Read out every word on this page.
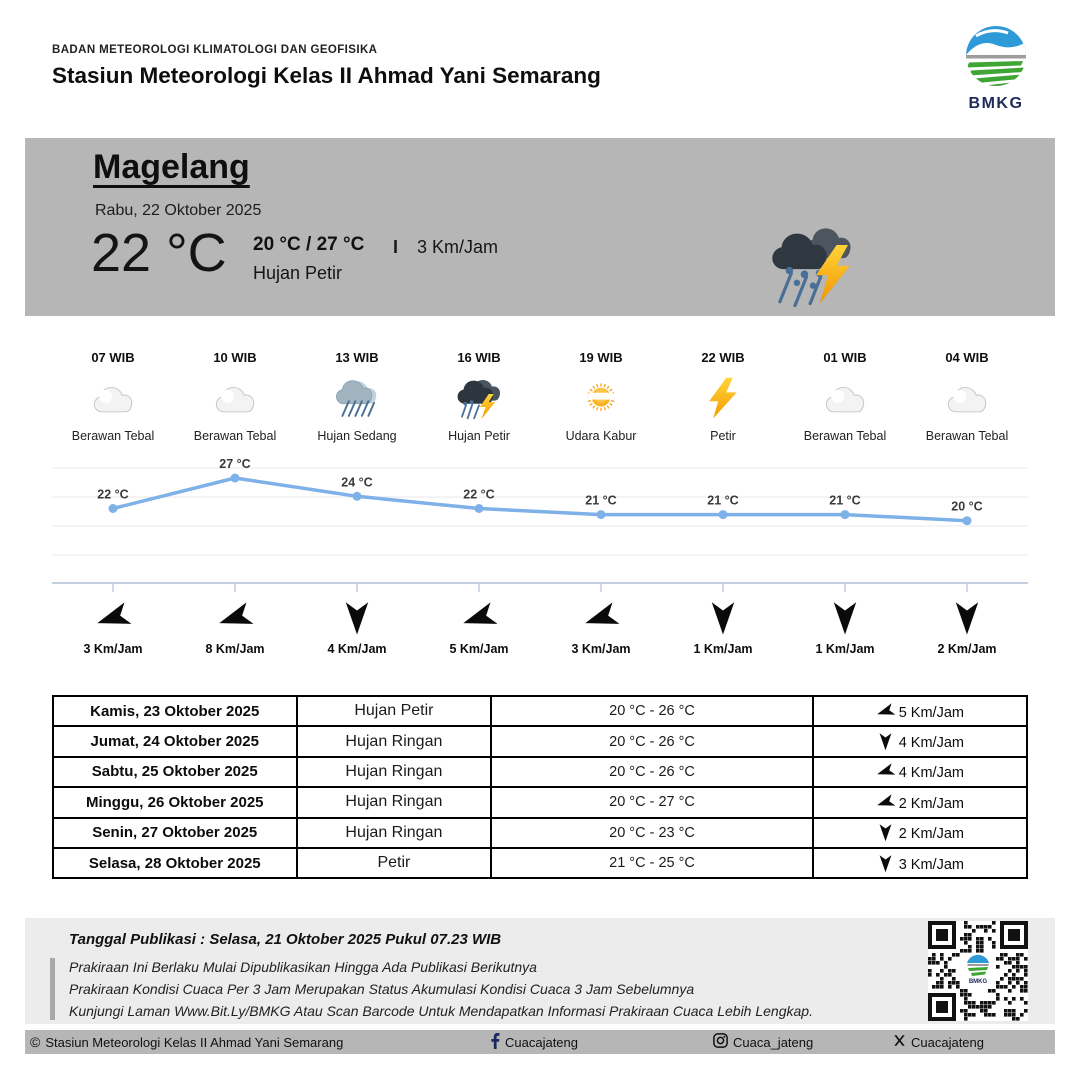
BADAN METEOROLOGI KLIMATOLOGI DAN GEOFISIKA
Stasiun Meteorologi Kelas II Ahmad Yani Semarang
BMKG
Magelang
Rabu, 22 Oktober 2025
22 °C 20 °C / 27 °C
Hujan Petir
I 3 Km/Jam
07 WIB
Berawan Tebal
10 WIB
Berawan Tebal
13 WIB
Hujan Sedang
16 WIB
Hujan Petir
19 WIB
Udara Kabur
22 WIB
Petir
01 WIB
Berawan Tebal
04 WIB
Berawan Tebal
22 °C
27 °C
24 °C
22 °C	21 °C	21 °C	21 °C	20 °C
3 Km/Jam	8 Km/Jam	4 Km/Jam	5 Km/Jam	3 Km/Jam	1 Km/Jam	1 Km/Jam	2 Km/Jam
Kamis, 23 Oktober 2025	Hujan Petir	20 °C - 26 °C	5 Km/Jam
Jumat, 24 Oktober 2025	Hujan Ringan	20 °C - 26 °C	4 Km/Jam
Sabtu, 25 Oktober 2025	Hujan Ringan	20 °C - 26 °C	4 Km/Jam
Minggu, 26 Oktober 2025	Hujan Ringan	20 °C - 27 °C	2 Km/Jam
Senin, 27 Oktober 2025	Hujan Ringan	20 °C - 23 °C	2 Km/Jam
Selasa, 28 Oktober 2025	Petir	21 °C - 25 °C	3 Km/Jam
Tanggal Publikasi : Selasa, 21 Oktober 2025 Pukul 07.23 WIB
Prakiraan Ini Berlaku Mulai Dipublikasikan Hingga Ada Publikasi Berikutnya
Prakiraan Kondisi Cuaca Per 3 Jam Merupakan Status Akumulasi Kondisi Cuaca 3 Jam Sebelumnya
Kunjungi Laman Www.Bit.Ly/BMKG Atau Scan Barcode Untuk Mendapatkan Informasi Prakiraan Cuaca Lebih Lengkap.
BMKG
© Stasiun Meteorologi Kelas II Ahmad Yani Semarang	Cuacajateng	Cuaca_jateng	Cuacajateng
